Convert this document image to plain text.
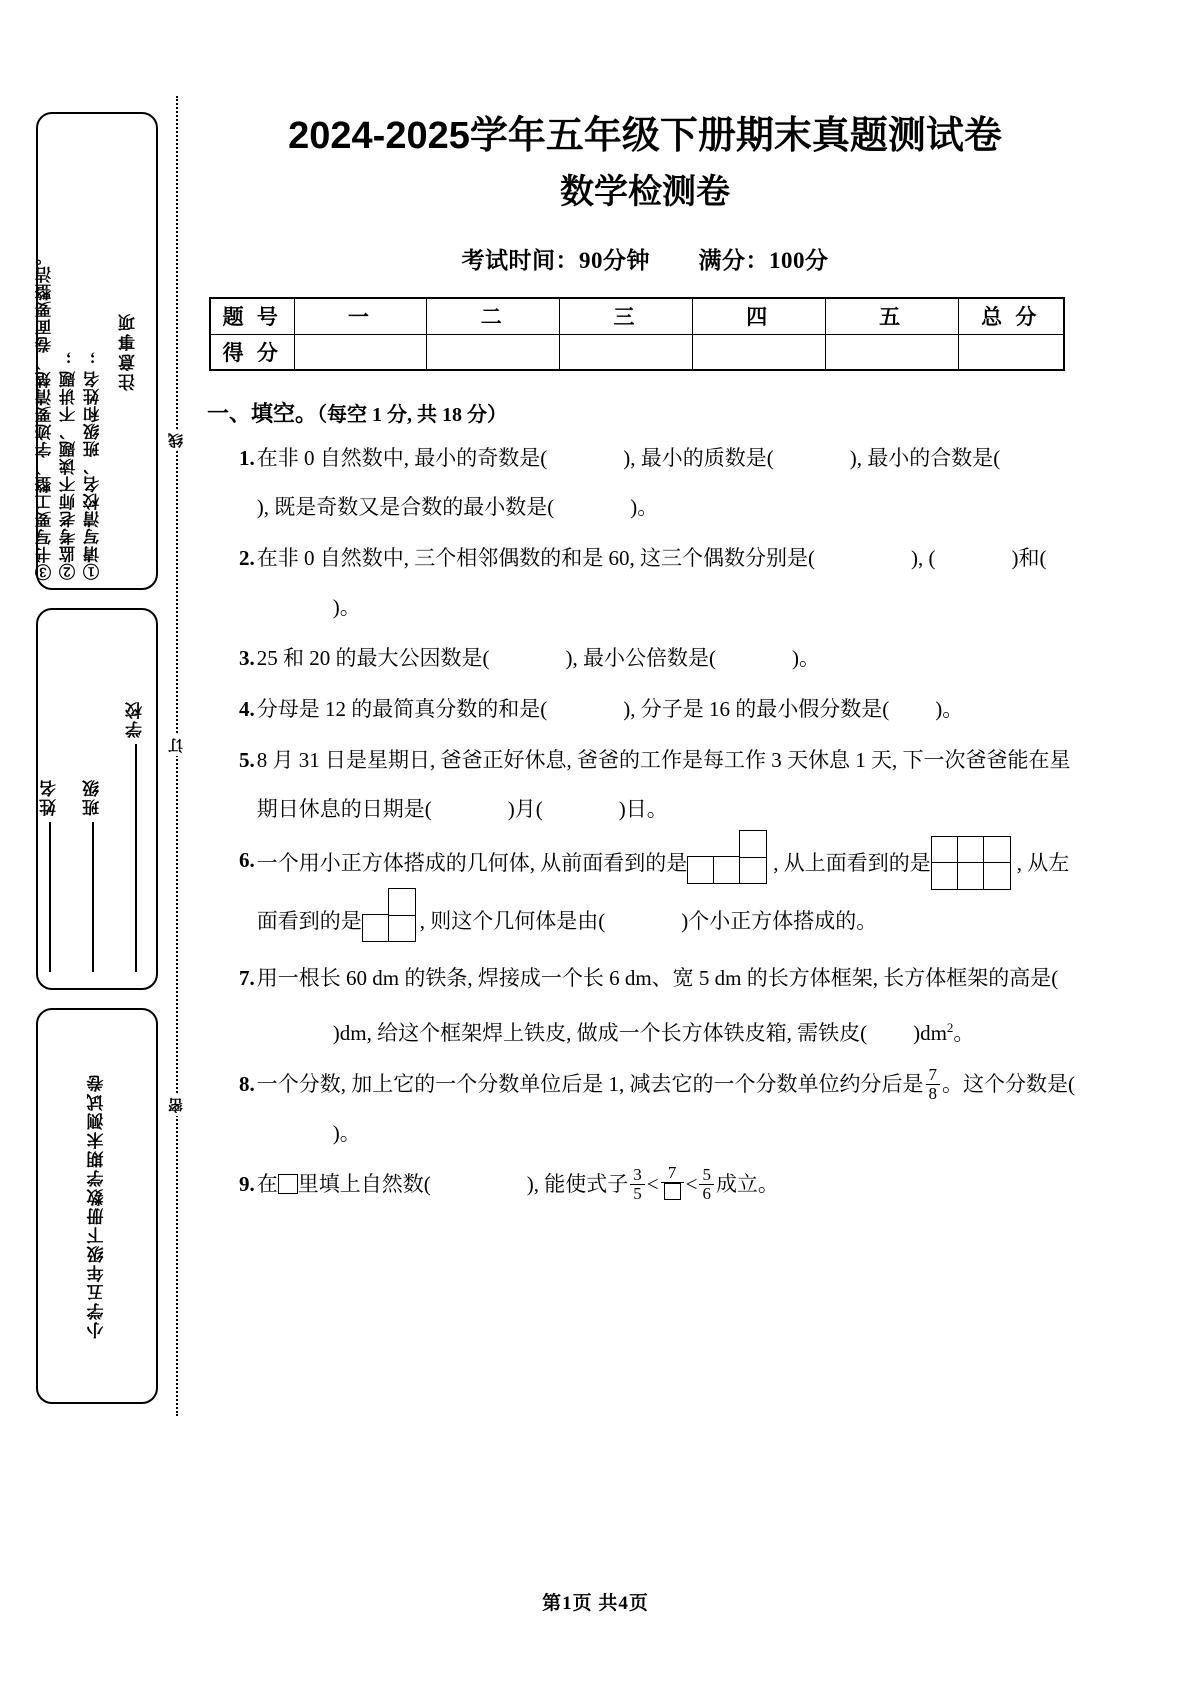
①请写清校名、班级和姓名;
②监考老师不读题、不讲题;
③书写要工整、字迹要清楚、卷面要整洁。	注意事项
学校
班级
姓名
小学五年级下册数学期末测试卷
线
订
密
2024-2025学年五年级下册期末真题测试卷
数学检测卷
考试时间：90分钟 满分：100分
题 号	一	二	三	四	五	总 分
得 分						
一、填空。（每空 1 分, 共 18 分）
1. 在非 0 自然数中, 最小的奇数是(	), 最小的质数是(	), 最小的合数是(), 既是奇数又是合数的最小数是(	)。
2. 在非 0 自然数中, 三个相邻偶数的和是 60, 这三个偶数分别是(	), (	)和()。
3. 25 和 20 的最大公因数是(	), 最小公倍数是(	)。
4. 分母是 12 的最简真分数的和是(	), 分子是 16 的最小假分数是( )。
5. 8 月 31 日是星期日, 爸爸正好休息, 爸爸的工作是每工作 3 天休息 1 天, 下一次爸爸能在星期日休息的日期是(	)月(	)日。
6. 一个用小正方体搭成的几何体, 从前面看到的是	, 从上面看到的是	, 从左面看到的是	, 则这个几何体是由(	)个小正方体搭成的。
7. 用一根长 60 dm 的铁条, 焊接成一个长 6 dm、宽 5 dm 的长方体框架, 长方体框架的高是()dm, 给这个框架焊上铁皮, 做成一个长方体铁皮箱, 需铁皮( )$dm^2$。
8. 一个分数, 加上它的一个分数单位后是 1, 减去它的一个分数单位约分后是 $\frac{7}{8}$ 。这个分数是()。
9. 在 里填上自然数(	), 能使式子 $\frac{3}{5} < 7 < \frac{5}{6}$ 成立。
第1页 共4页
